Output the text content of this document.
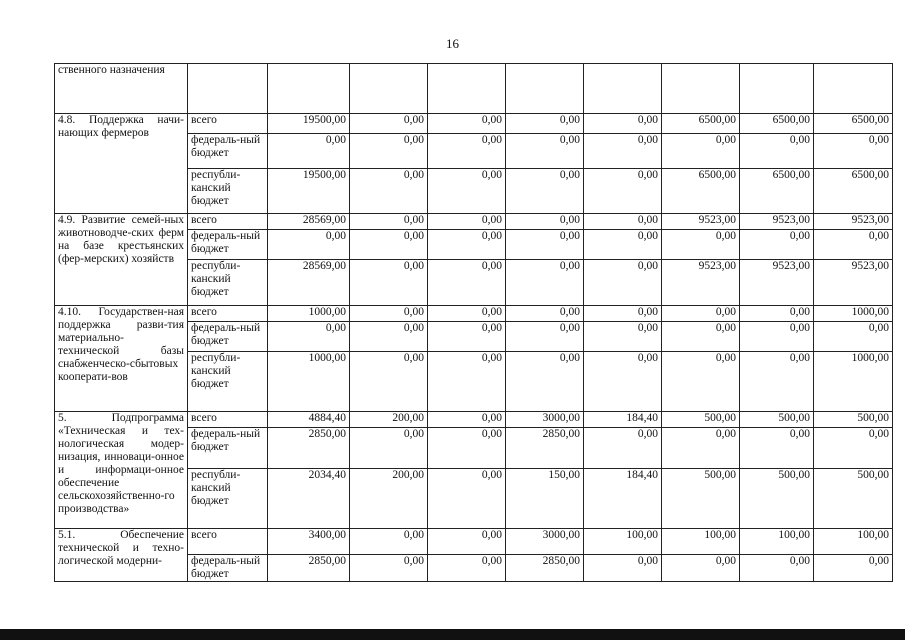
16
ственного назначения									
4.8. Поддержка начи-нающих фермеров	всего	19500,00	0,00	0,00	0,00	0,00	6500,00	6500,00	6500,00
	федераль-ный бюджет	0,00	0,00	0,00	0,00	0,00	0,00	0,00	0,00
	республи-канский бюджет	19500,00	0,00	0,00	0,00	0,00	6500,00	6500,00	6500,00
4.9. Развитие семей-ных животноводче-ских ферм на базе крестьянских (фер-мерских) хозяйств	всего	28569,00	0,00	0,00	0,00	0,00	9523,00	9523,00	9523,00
	федераль-ный бюджет	0,00	0,00	0,00	0,00	0,00	0,00	0,00	0,00
	республи-канский бюджет	28569,00	0,00	0,00	0,00	0,00	9523,00	9523,00	9523,00
4.10. Государствен-ная поддержка разви-тия материально-технической базы снабженческо-сбытовых кооперати-вов	всего	1000,00	0,00	0,00	0,00	0,00	0,00	0,00	1000,00
	федераль-ный бюджет	0,00	0,00	0,00	0,00	0,00	0,00	0,00	0,00
	республи-канский бюджет	1000,00	0,00	0,00	0,00	0,00	0,00	0,00	1000,00
5. Подпрограмма «Техническая и тех-нологическая модер-низация, инноваци-онное и информаци-онное обеспечение сельскохозяйственно-го производства»	всего	4884,40	200,00	0,00	3000,00	184,40	500,00	500,00	500,00
	федераль-ный бюджет	2850,00	0,00	0,00	2850,00	0,00	0,00	0,00	0,00
	республи-канский бюджет	2034,40	200,00	0,00	150,00	184,40	500,00	500,00	500,00
5.1. Обеспечение технической и техно-логической модерни-	всего	3400,00	0,00	0,00	3000,00	100,00	100,00	100,00	100,00
	федераль-ный бюджет	2850,00	0,00	0,00	2850,00	0,00	0,00	0,00	0,00
